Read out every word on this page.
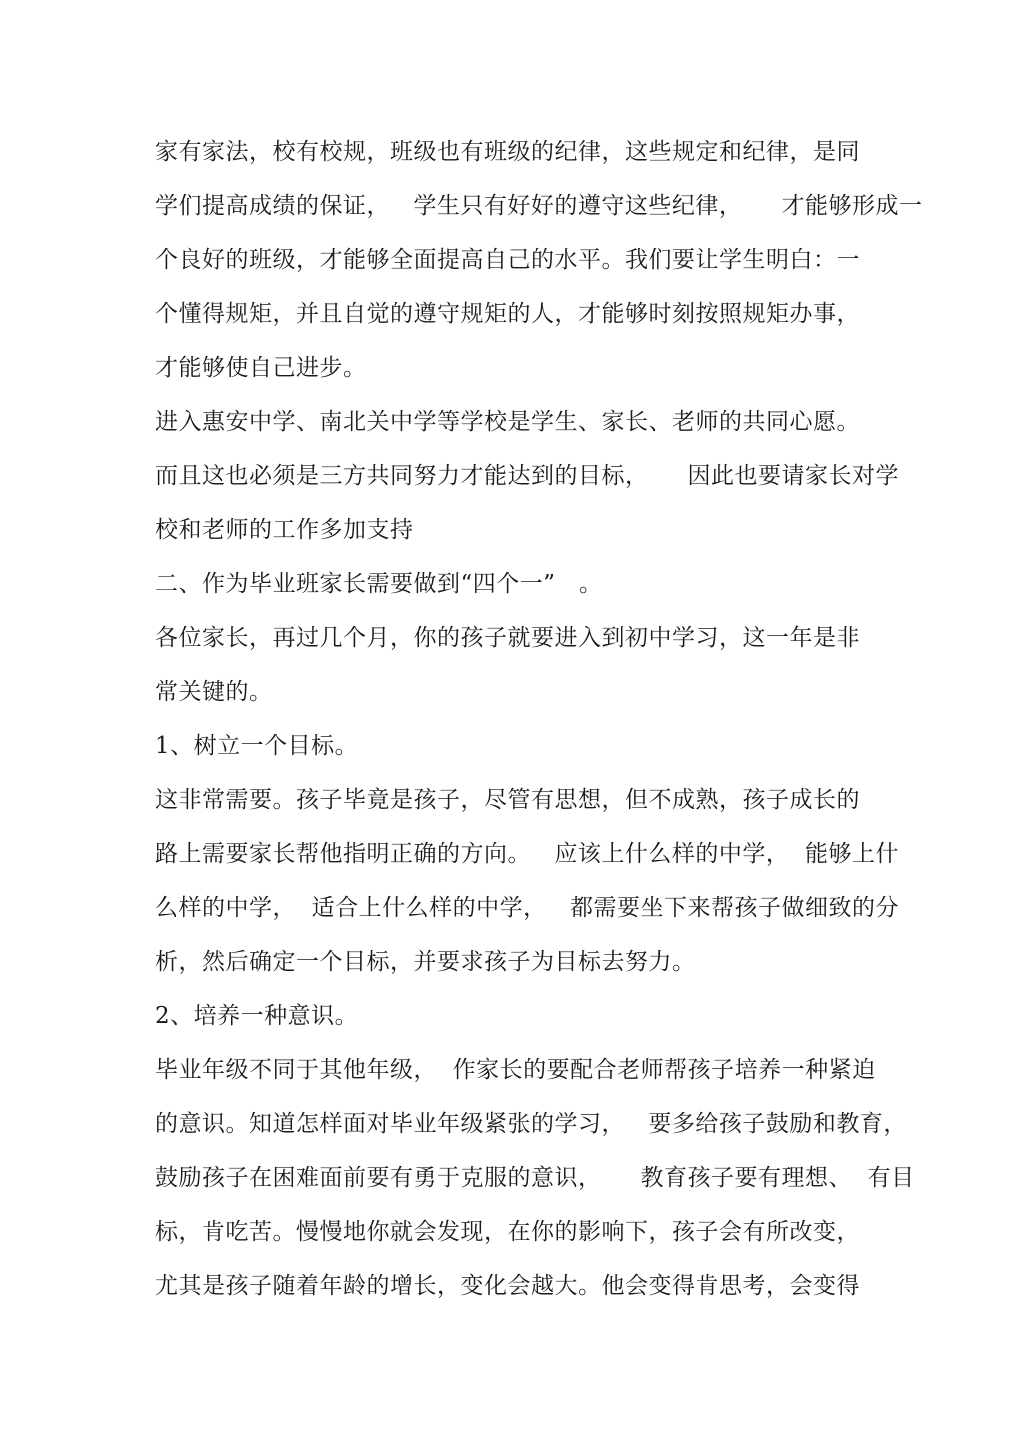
家有家法，校有校规，班级也有班级的纪律，这些规定和纪律，是同
学们提高成绩的保证，   学生只有好好的遵守这些纪律，     才能够形成一
个良好的班级，才能够全面提高自己的水平。我们要让学生明白：一
个懂得规矩，并且自觉的遵守规矩的人，才能够时刻按照规矩办事，
才能够使自己进步。
进入惠安中学、南北关中学等学校是学生、家长、老师的共同心愿。
而且这也必须是三方共同努力才能达到的目标，     因此也要请家长对学
校和老师的工作多加支持
二、作为毕业班家长需要做到“四个一”   。
各位家长，再过几个月，你的孩子就要进入到初中学习，这一年是非
常关键的。
1、树立一个目标。
这非常需要。孩子毕竟是孩子，尽管有思想，但不成熟，孩子成长的
路上需要家长帮他指明正确的方向。   应该上什么样的中学，  能够上什
么样的中学，  适合上什么样的中学，   都需要坐下来帮孩子做细致的分
析，然后确定一个目标，并要求孩子为目标去努力。
2、培养一种意识。
毕业年级不同于其他年级，  作家长的要配合老师帮孩子培养一种紧迫
的意识。知道怎样面对毕业年级紧张的学习，   要多给孩子鼓励和教育，
鼓励孩子在困难面前要有勇于克服的意识，     教育孩子要有理想、  有目
标，肯吃苦。慢慢地你就会发现，在你的影响下，孩子会有所改变，
尤其是孩子随着年龄的增长，变化会越大。他会变得肯思考，会变得
